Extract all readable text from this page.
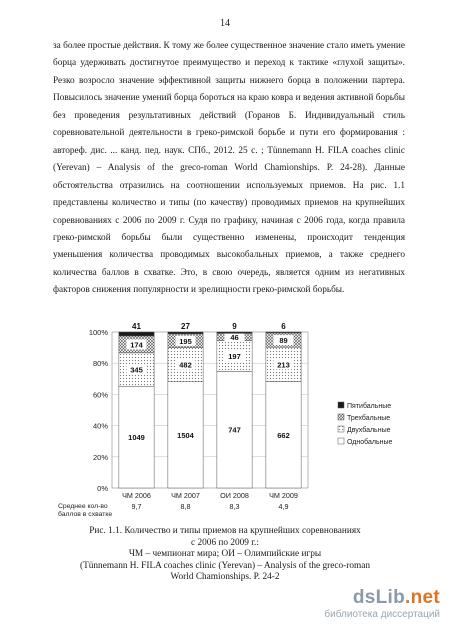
14

за более простые действия. К тому же более существенное значение стало иметь умение борца удерживать достигнутое преимущество и переход к тактике «глухой защиты». Резко возросло значение эффективной защиты нижнего борца в положении партера. Повысилось значение умений борца бороться на краю ковра и ведения активной борьбы без проведения результативных действий (Горанов Б. Индивидуальный стиль соревновательной деятельности в греко-римской борьбе и пути его формирования : автореф. дис. ... канд. пед. наук. СПб., 2012. 25 с. ; Tünnemann H. FILA coaches clinic (Yerevan) – Analysis of the greco-roman World Chamionships. P. 24-28). Данные обстоятельства отразились на соотношении используемых приемов. На рис. 1.1 представлены количество и типы (по качеству) проводимых приемов на крупнейших соревнованиях с 2006 по 2009 г. Судя по графику, начиная с 2006 года, когда правила греко-римской борьбы были существенно изменены, происходит тенденция уменьшения количества проводимых высокобальных приемов, а также среднего количества баллов в схватке. Это, в свою очередь, является одним из негативных факторов снижения популярности и зрелищности греко-римской борьбы.

0%
20%
40%
60%
80%
100%
1049
345
174
41
ЧМ 2006
9,7
1504
482
195
27
ЧМ 2007
8,8
747
197
46
9
ОИ 2008
8,3
662
213
89
6
ЧМ 2009
4,9
Среднее кол-во
баллов в схватке
Пятибальные
Трехбальные
Двухбальные
Однобальные
Рис. 1.1. Количество и типы приемов на крупнейших соревнованиях
с 2006 по 2009 г.:
ЧМ – чемпионат мира; ОИ – Олимпийские игры
(Tünnemann H. FILA coaches clinic (Yerevan) – Analysis of the greco-roman
World Chamionships. P. 24-2
dsLib.net
библиотека диссертаций
